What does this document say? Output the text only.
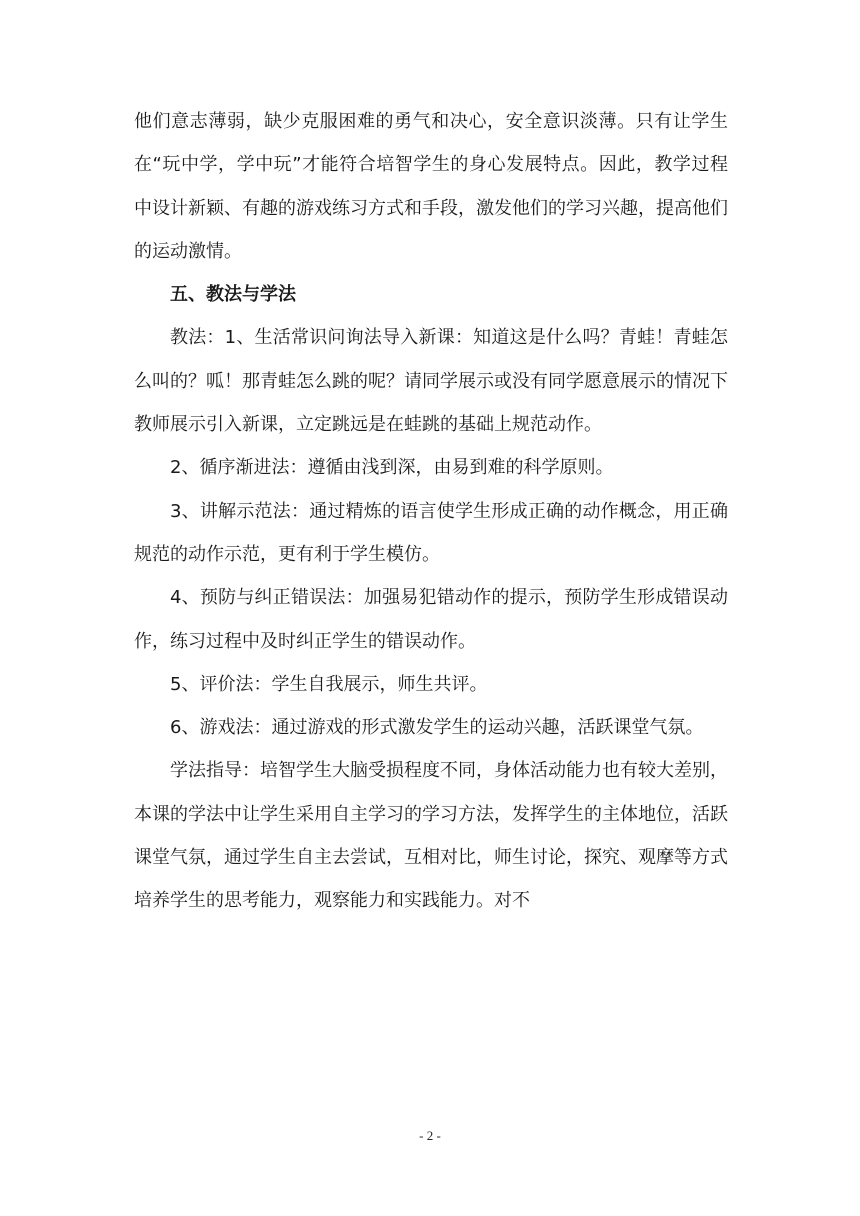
他们意志薄弱，缺少克服困难的勇气和决心，安全意识淡薄。只有让学生在“玩中学，学中玩”才能符合培智学生的身心发展特点。因此，教学过程中设计新颖、有趣的游戏练习方式和手段，激发他们的学习兴趣，提高他们的运动激情。

五、教法与学法

教法：1、生活常识问询法导入新课：知道这是什么吗？青蛙！青蛙怎么叫的？呱！那青蛙怎么跳的呢？请同学展示或没有同学愿意展示的情况下教师展示引入新课，立定跳远是在蛙跳的基础上规范动作。

2、循序渐进法：遵循由浅到深，由易到难的科学原则。

3、讲解示范法：通过精炼的语言使学生形成正确的动作概念，用正确规范的动作示范，更有利于学生模仿。

4、预防与纠正错误法：加强易犯错动作的提示，预防学生形成错误动作，练习过程中及时纠正学生的错误动作。

5、评价法：学生自我展示，师生共评。

6、游戏法：通过游戏的形式激发学生的运动兴趣，活跃课堂气氛。

学法指导：培智学生大脑受损程度不同，身体活动能力也有较大差别，本课的学法中让学生采用自主学习的学习方法，发挥学生的主体地位，活跃课堂气氛，通过学生自主去尝试，互相对比，师生讨论，探究、观摩等方式培养学生的思考能力，观察能力和实践能力。对不

- 2 -
